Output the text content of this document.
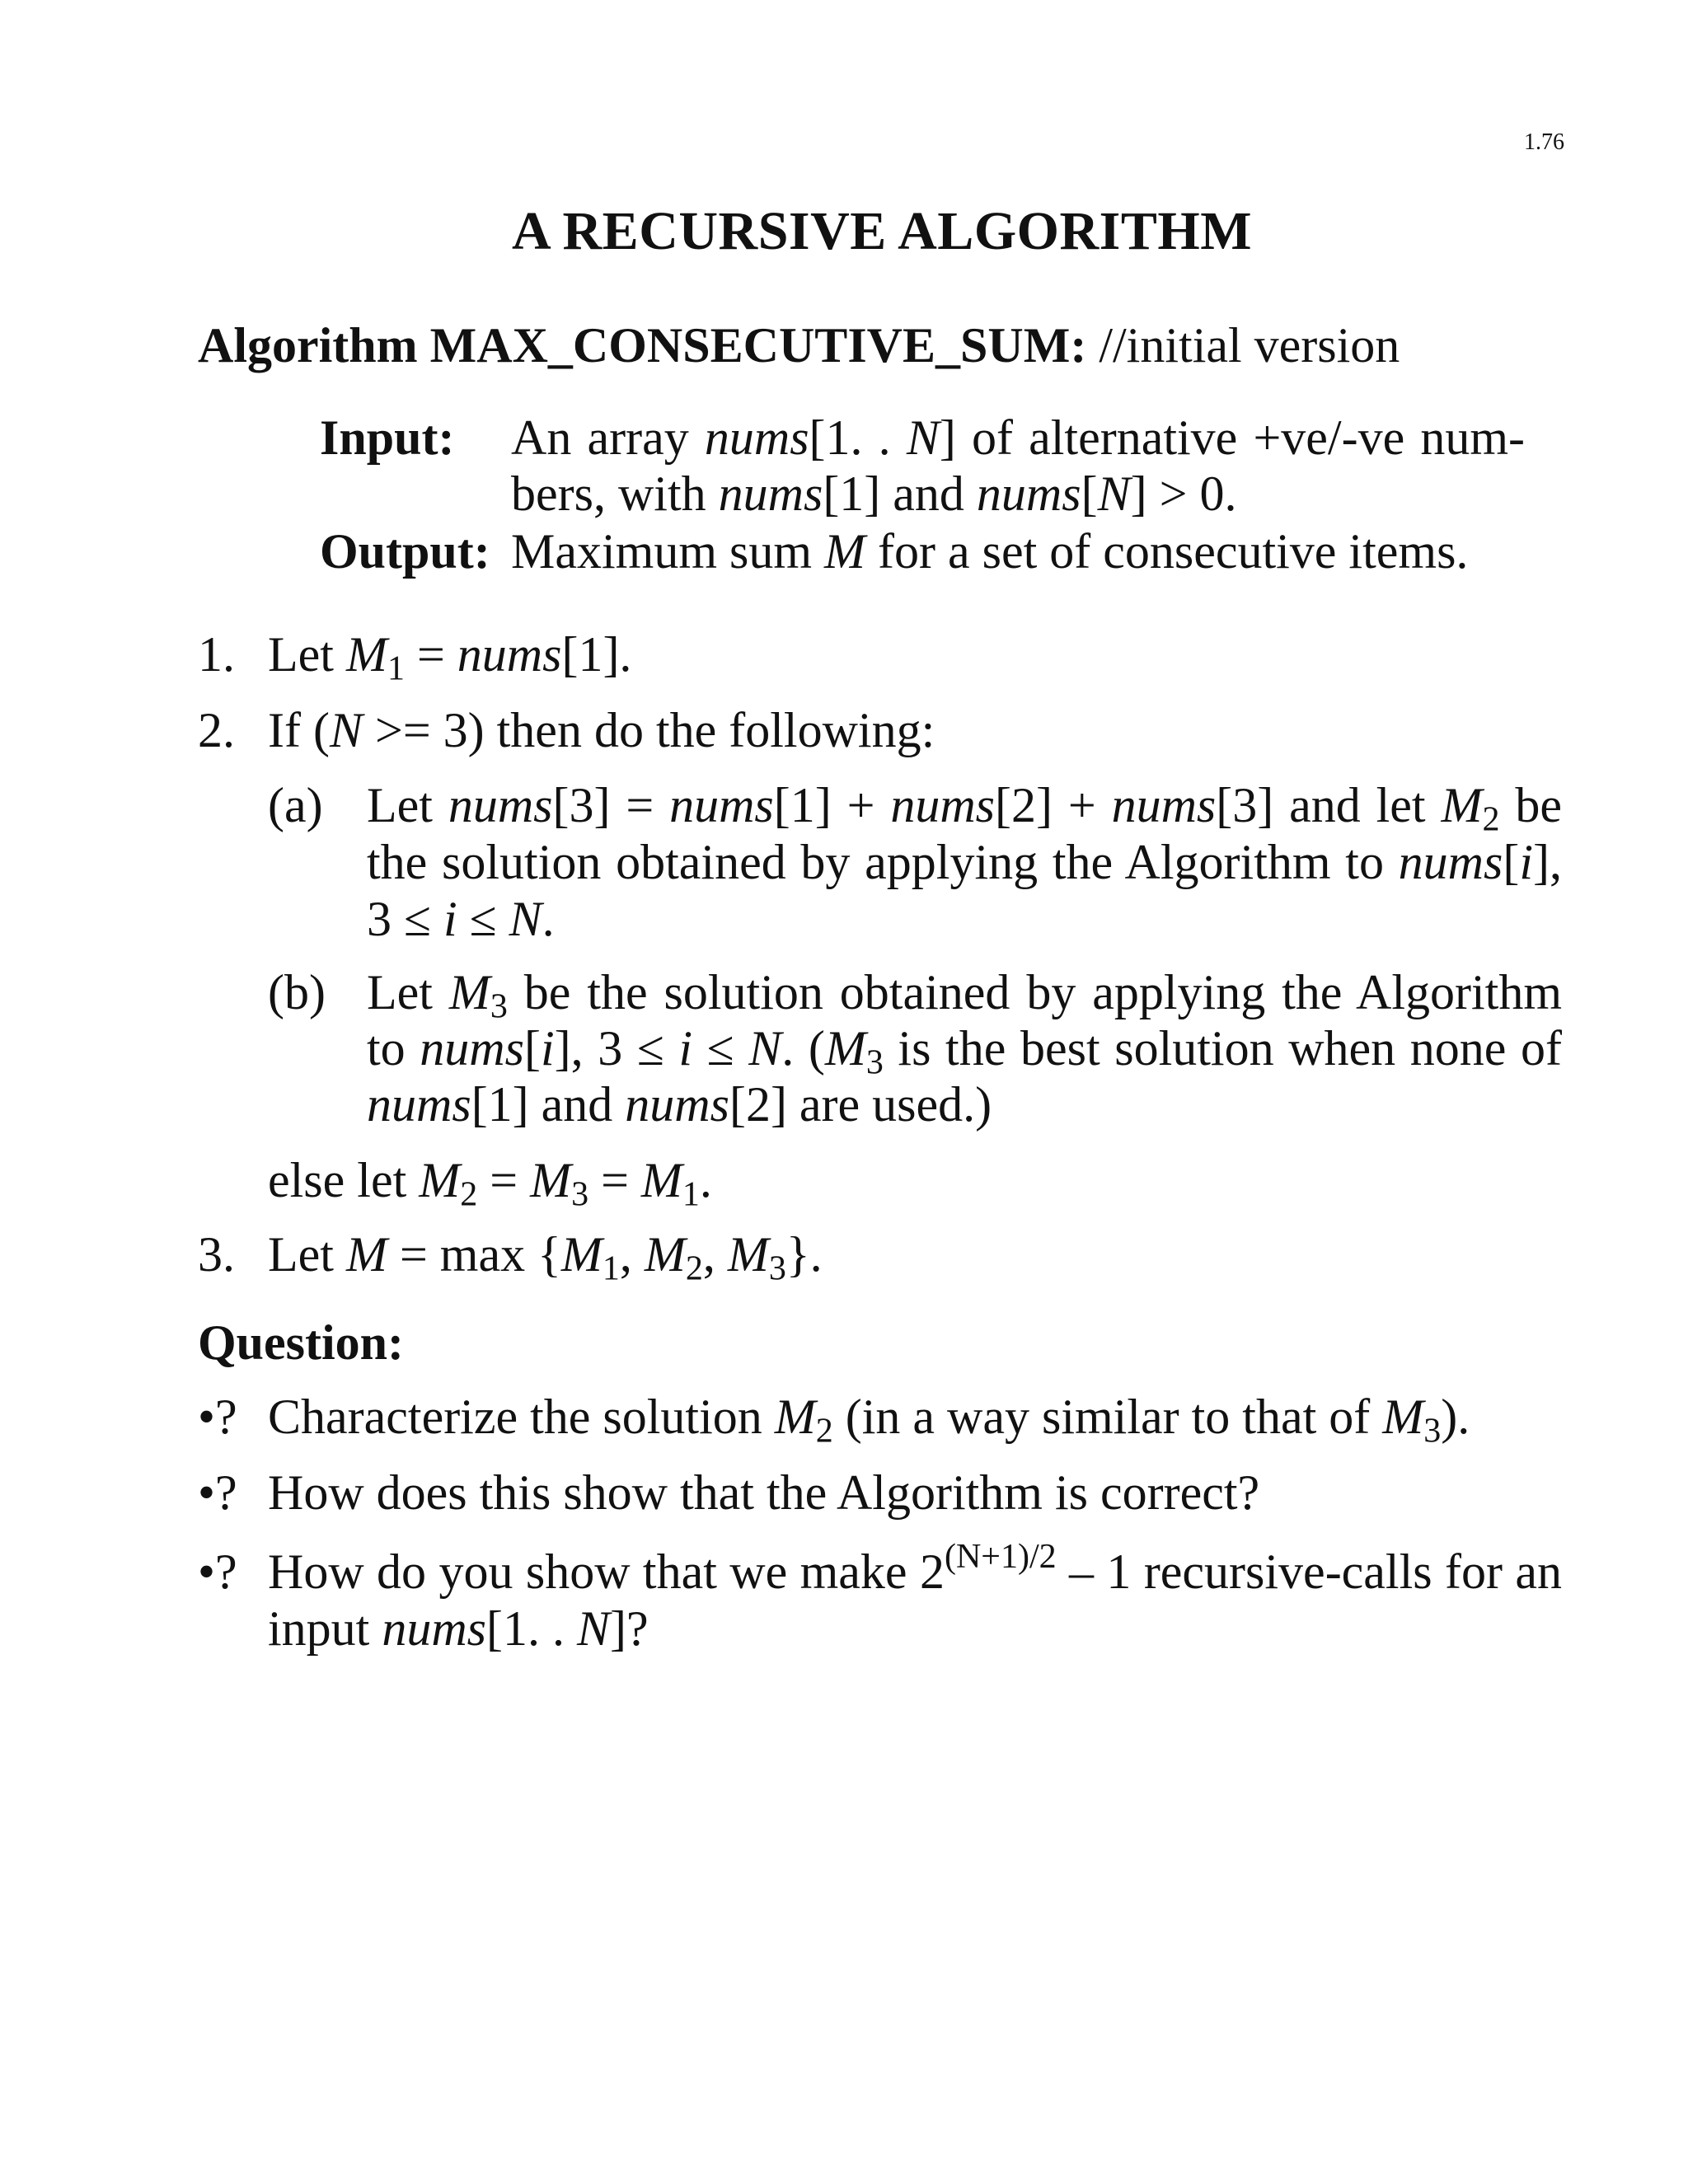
1.76
A RECURSIVE ALGORITHM
Algorithm MAX_CONSECUTIVE_SUM: //initial version
Input: An array nums[1. . N] of alternative +ve/-ve num-
bers, with nums[1] and nums[N] > 0.
Output: Maximum sum M for a set of consecutive items.
1. Let $M_1$ = nums[1].
2. If (N >= 3) then do the following:
(a) Let nums[3] = nums[1] + nums[2] + nums[3] and let $M_2$ be
the solution obtained by applying the Algorithm to nums[i],
3 ≤ i ≤ N.
(b) Let $M_3$ be the solution obtained by applying the Algorithm
to nums[i], 3 ≤ i ≤ N. ($M_3$ is the best solution when none of
nums[1] and nums[2] are used.)
else let $M_2 = M_3 = M_1$.
3. Let $M = \max \{M_1$, $M_2$, $M_3$}.
Question:
•? Characterize the solution $M_2$ (in a way similar to that of $M_3$).
•? How does this show that the Algorithm is correct?
•? How do you show that we make $2^{(N+1)/2} - 1$ recursive-calls for an
input nums[1. . N]?
